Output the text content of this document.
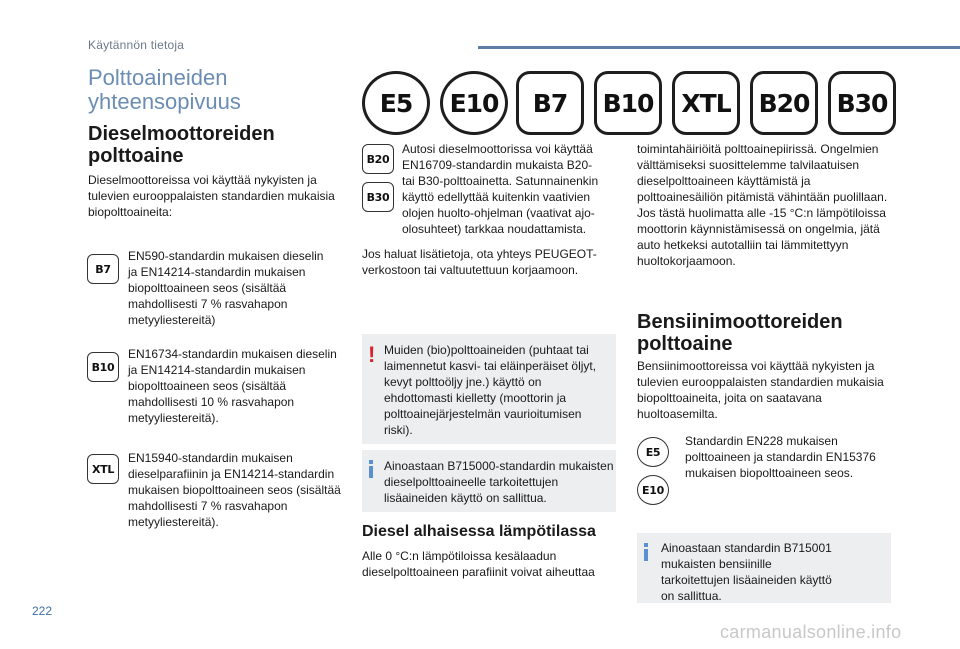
Käytännön tietoja
Polttoaineiden yhteensopivuus	E5	E10	B7	B10	XTL	B20	B30
Dieselmoottoreiden polttoaine
Dieselmoottoreissa voi käyttää nykyisten ja tulevien eurooppalaisten standardien mukaisia biopolttoaineita:
B7
EN590-standardin mukaisen dieselin ja EN14214-standardin mukaisen biopolttoaineen seos (sisältää mahdollisesti 7 % rasvahapon metyyliestereitä)
B10
EN16734-standardin mukaisen dieselin ja EN14214-standardin mukaisen biopolttoaineen seos (sisältää mahdollisesti 10 % rasvahapon metyyliestereitä).
XTL
EN15940-standardin mukaisen dieselparafiinin ja EN14214-standardin mukaisen biopolttoaineen seos (sisältää mahdollisesti 7 % rasvahapon metyyliestereitä).
B20
B30
Autosi dieselmoottorissa voi käyttää EN16709-standardin mukaista B20- tai B30-polttoainetta. Satunnainenkin käyttö edellyttää kuitenkin vaativien olojen huolto-ohjelman (vaativat ajo-olosuhteet) tarkkaa noudattamista.
Jos haluat lisätietoja, ota yhteys PEUGEOT-verkostoon tai valtuutettuun korjaamoon.
! Muiden (bio)polttoaineiden (puhtaat tai laimennetut kasvi- tai eläinperäiset öljyt, kevyt polttoöljy jne.) käyttö on ehdottomasti kielletty (moottorin ja polttoainejärjestelmän vaurioitumisen riski).
Ainoastaan B715000-standardin mukaisten dieselpolttoaineelle tarkoitettujen lisäaineiden käyttö on sallittua.
Diesel alhaisessa lämpötilassa
Alle 0 °C:n lämpötiloissa kesälaadun dieselpolttoaineen parafiinit voivat aiheuttaa
toimintahäiriöitä polttoainepiirissä. Ongelmien välttämiseksi suosittelemme talvilaatuisen dieselpolttoaineen käyttämistä ja polttoainesäiliön pitämistä vähintään puolillaan. Jos tästä huolimatta alle -15 °C:n lämpötiloissa moottorin käynnistämisessä on ongelmia, jätä auto hetkeksi autotalliin tai lämmitettyyn huoltokorjaamoon.
Bensiinimoottoreiden polttoaine
Bensiinimoottoreissa voi käyttää nykyisten ja tulevien eurooppalaisten standardien mukaisia biopolttoaineita, joita on saatavana huoltoasemilta.
E5
E10
Standardin EN228 mukaisen polttoaineen ja standardin EN15376 mukaisen biopolttoaineen seos.
Ainoastaan standardin B715001 mukaisten bensiinille tarkoitettujen lisäaineiden käyttö on sallittua.
222
carmanualsonline.info
